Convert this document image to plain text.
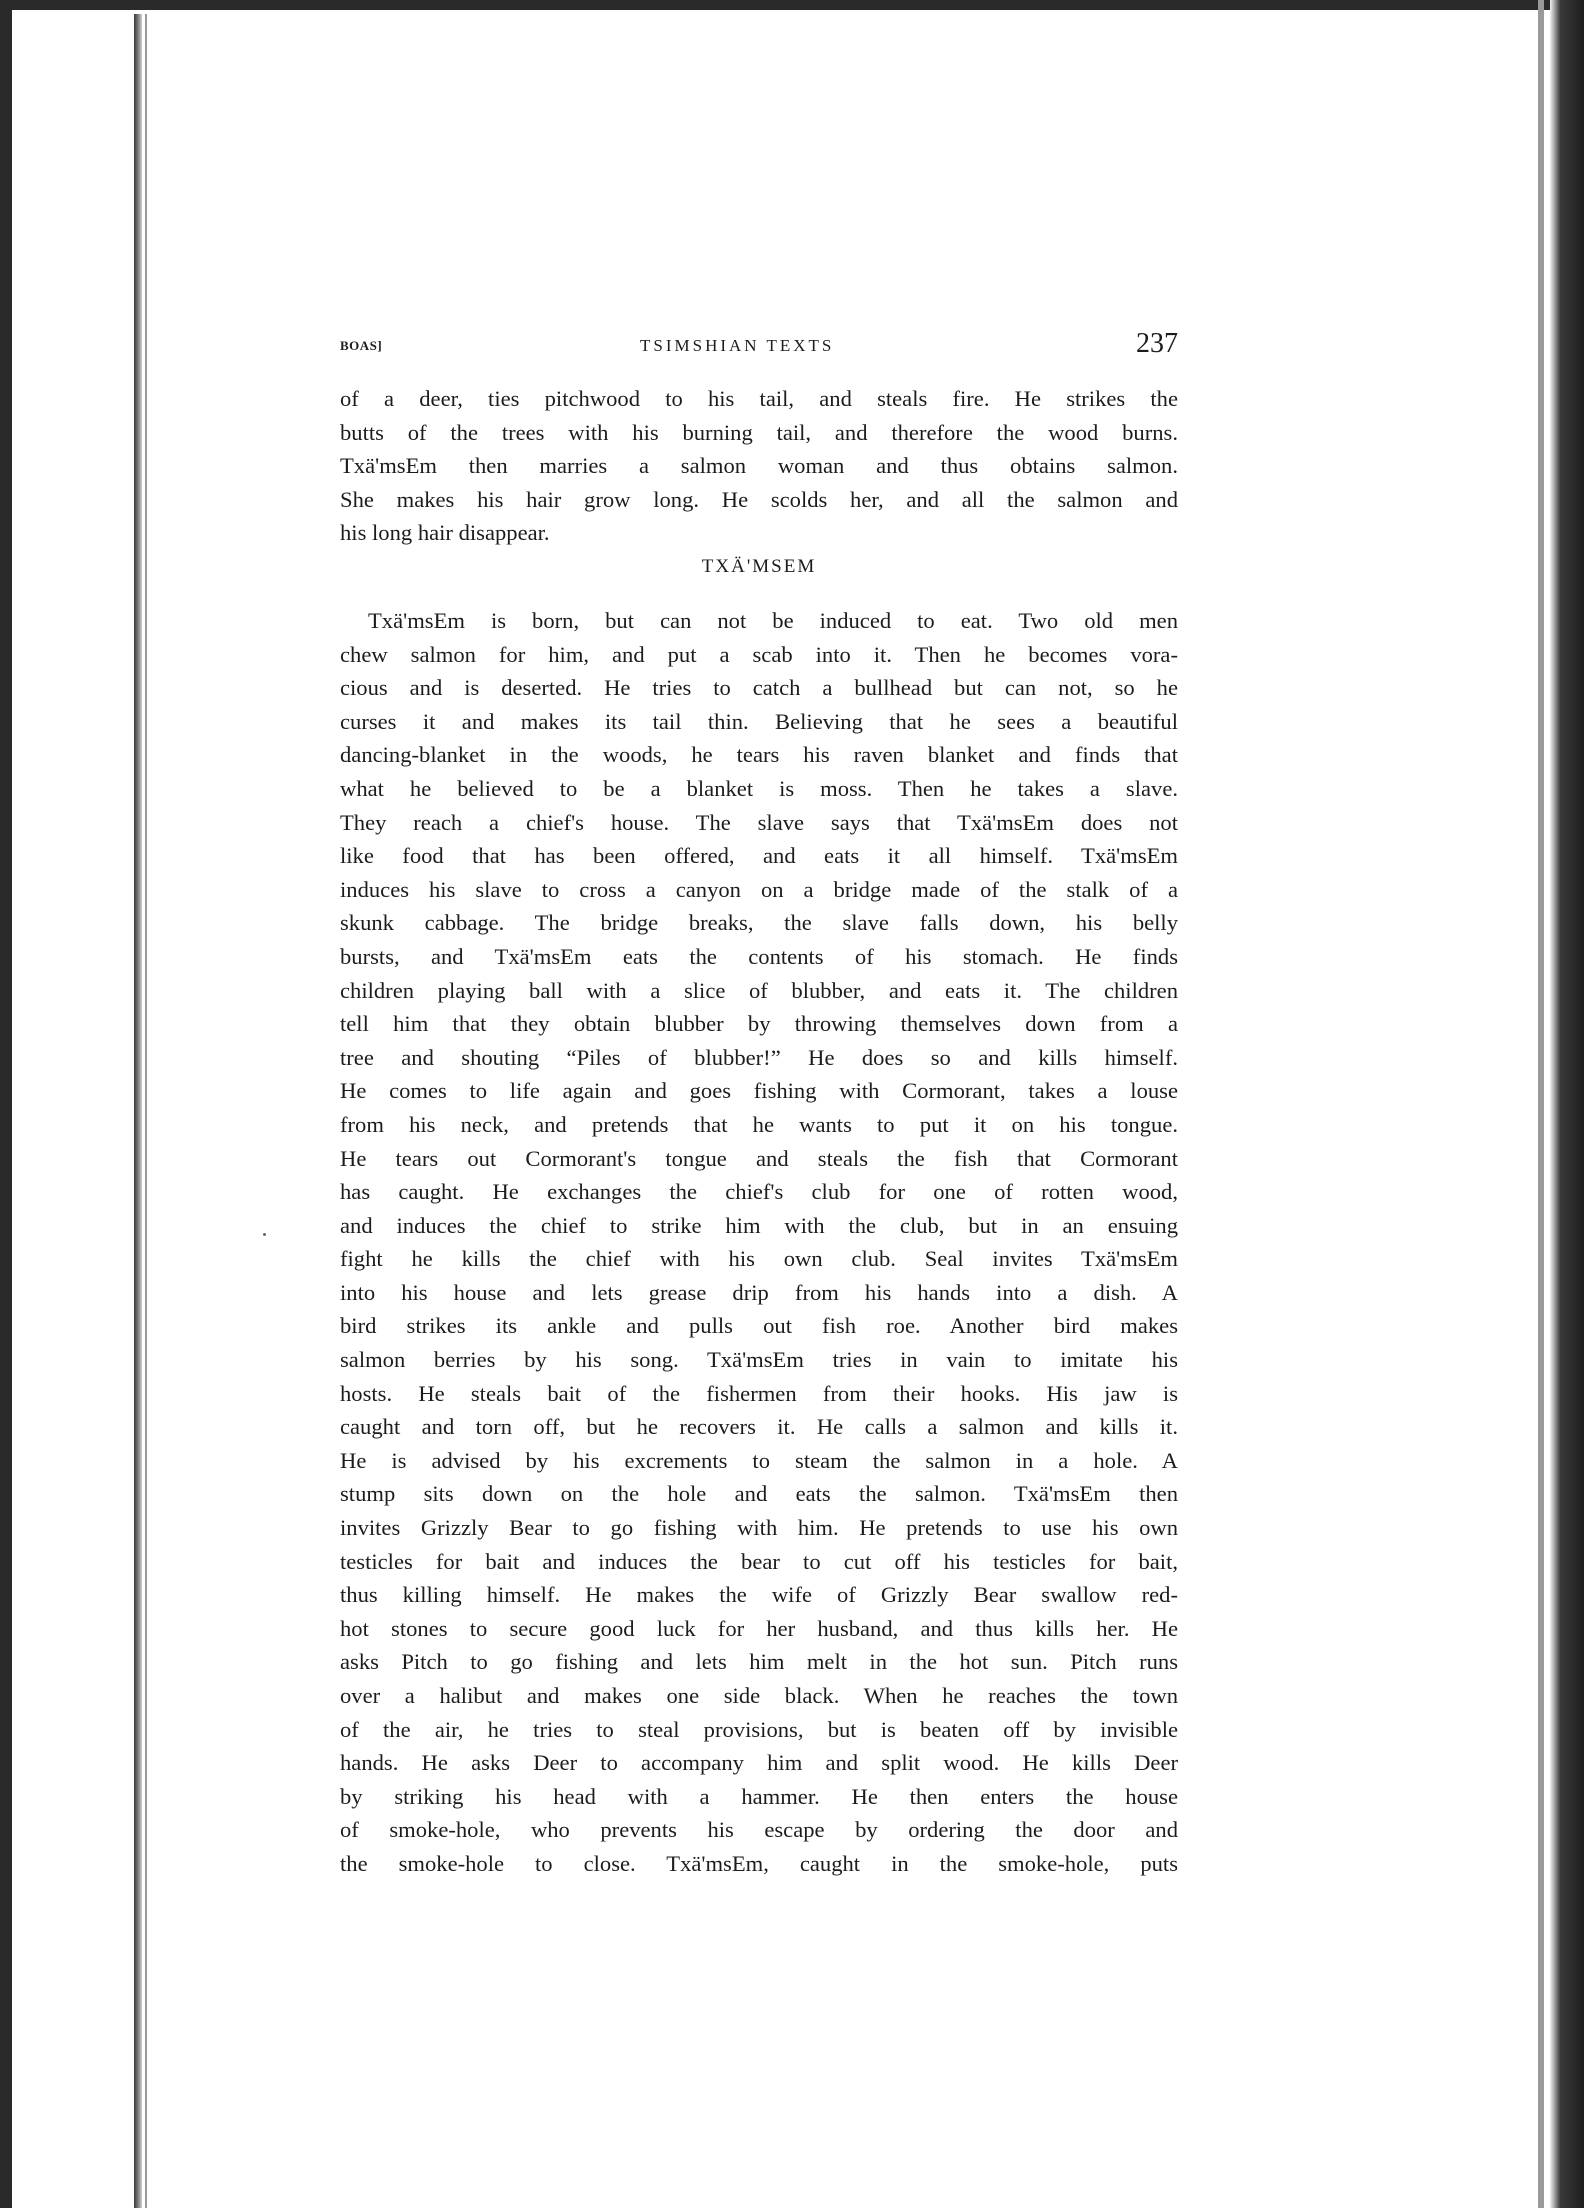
BOAS]	TSIMSHIAN TEXTS	237
of a deer, ties pitchwood to his tail, and steals fire. He strikes the
butts of the trees with his burning tail, and therefore the wood burns.
Txä'msEm then marries a salmon woman and thus obtains salmon.
She makes his hair grow long. He scolds her, and all the salmon and
his long hair disappear.
TXÄ'MSEM
Txä'msEm is born, but can not be induced to eat. Two old men
chew salmon for him, and put a scab into it. Then he becomes vora-
cious and is deserted. He tries to catch a bullhead but can not, so he
curses it and makes its tail thin. Believing that he sees a beautiful
dancing-blanket in the woods, he tears his raven blanket and finds that
what he believed to be a blanket is moss. Then he takes a slave.
They reach a chief's house. The slave says that Txä'msEm does not
like food that has been offered, and eats it all himself. Txä'msEm
induces his slave to cross a canyon on a bridge made of the stalk of a
skunk cabbage. The bridge breaks, the slave falls down, his belly
bursts, and Txä'msEm eats the contents of his stomach. He finds
children playing ball with a slice of blubber, and eats it. The children
tell him that they obtain blubber by throwing themselves down from a
tree and shouting “Piles of blubber!” He does so and kills himself.
He comes to life again and goes fishing with Cormorant, takes a louse
from his neck, and pretends that he wants to put it on his tongue.
He tears out Cormorant's tongue and steals the fish that Cormorant
has caught. He exchanges the chief's club for one of rotten wood,
and induces the chief to strike him with the club, but in an ensuing
fight he kills the chief with his own club. Seal invites Txä'msEm
into his house and lets grease drip from his hands into a dish. A
bird strikes its ankle and pulls out fish roe. Another bird makes
salmon berries by his song. Txä'msEm tries in vain to imitate his
hosts. He steals bait of the fishermen from their hooks. His jaw is
caught and torn off, but he recovers it. He calls a salmon and kills it.
He is advised by his excrements to steam the salmon in a hole. A
stump sits down on the hole and eats the salmon. Txä'msEm then
invites Grizzly Bear to go fishing with him. He pretends to use his own
testicles for bait and induces the bear to cut off his testicles for bait,
thus killing himself. He makes the wife of Grizzly Bear swallow red-
hot stones to secure good luck for her husband, and thus kills her. He
asks Pitch to go fishing and lets him melt in the hot sun. Pitch runs
over a halibut and makes one side black. When he reaches the town
of the air, he tries to steal provisions, but is beaten off by invisible
hands. He asks Deer to accompany him and split wood. He kills Deer
by striking his head with a hammer. He then enters the house
of smoke-hole, who prevents his escape by ordering the door and
the smoke-hole to close. Txä'msEm, caught in the smoke-hole, puts
